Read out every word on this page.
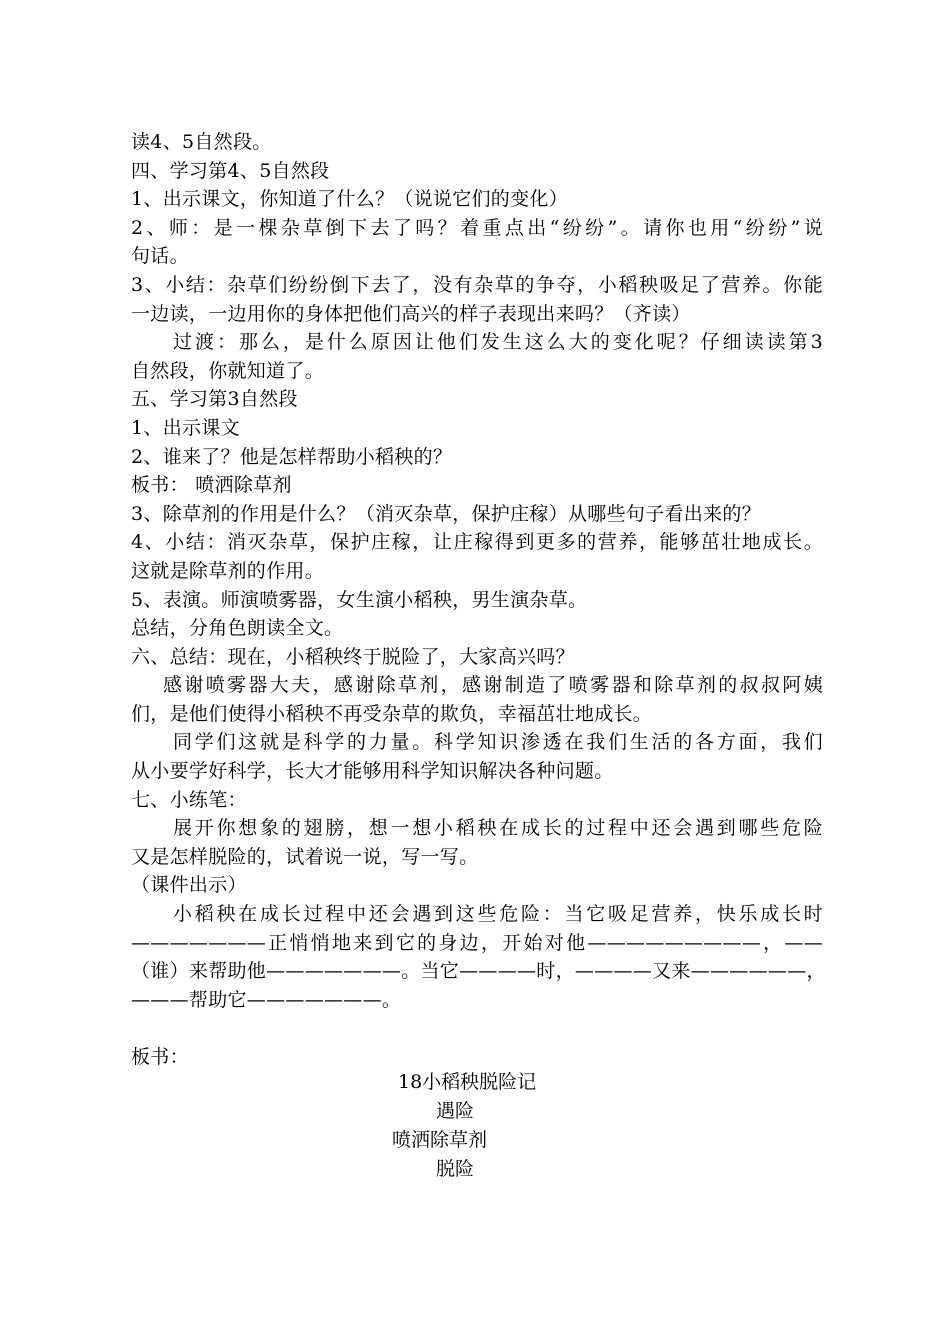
读4、5自然段。
四、学习第4、5自然段
1、出示课文，你知道了什么？（说说它们的变化）
2、师：是一棵杂草倒下去了吗？着重点出“纷纷”。请你也用“纷纷”说
句话。
3、小结：杂草们纷纷倒下去了，没有杂草的争夺，小稻秧吸足了营养。你能
一边读，一边用你的身体把他们高兴的样子表现出来吗？（齐读）
过渡：那么，是什么原因让他们发生这么大的变化呢？仔细读读第3
自然段，你就知道了。
五、学习第3自然段
1、出示课文
2、谁来了？他是怎样帮助小稻秧的？
板书： 喷洒除草剂
3、除草剂的作用是什么？（消灭杂草，保护庄稼）从哪些句子看出来的？
4、小结：消灭杂草，保护庄稼，让庄稼得到更多的营养，能够茁壮地成长。
这就是除草剂的作用。
5、表演。师演喷雾器，女生演小稻秧，男生演杂草。
总结，分角色朗读全文。
六、总结：现在，小稻秧终于脱险了，大家高兴吗？
感谢喷雾器大夫，感谢除草剂，感谢制造了喷雾器和除草剂的叔叔阿姨
们，是他们使得小稻秧不再受杂草的欺负，幸福茁壮地成长。
同学们这就是科学的力量。科学知识渗透在我们生活的各方面，我们
从小要学好科学，长大才能够用科学知识解决各种问题。
七、小练笔：
展开你想象的翅膀，想一想小稻秧在成长的过程中还会遇到哪些危险
又是怎样脱险的，试着说一说，写一写。
（课件出示）
小稻秧在成长过程中还会遇到这些危险：当它吸足营养，快乐成长时
———————正悄悄地来到它的身边，开始对他—————————，——
（谁）来帮助他———————。当它————时，————又来——————，
———帮助它———————。
板书：
18小稻秧脱险记
遇险
喷洒除草剂
脱险
